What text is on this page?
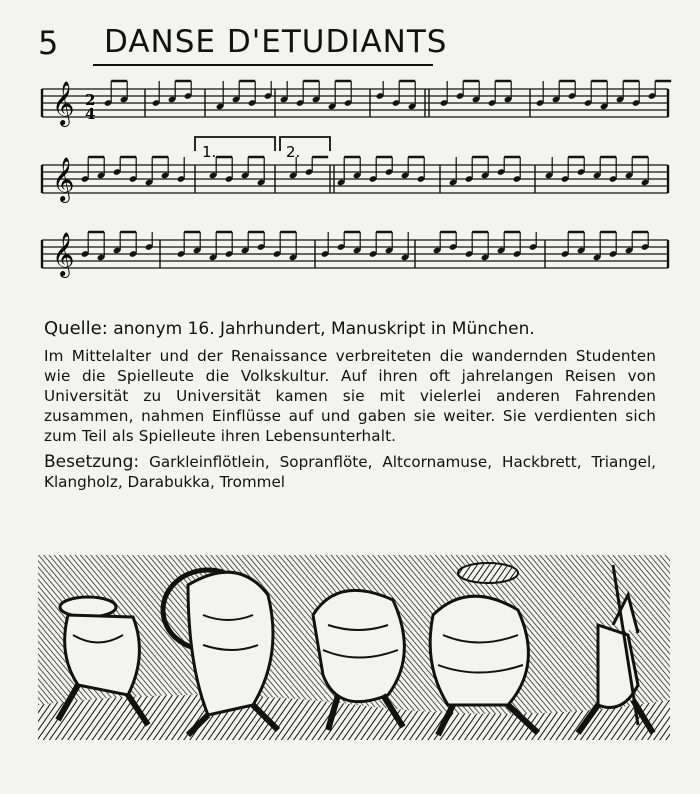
5 DANSE D'ETUDIANTS
𝄞
𝄞
𝄞
2
4
1.	2.
Quelle: anonym 16. Jahrhundert, Manuskript in München.
Im Mittelalter und der Renaissance verbreiteten die wandernden Studenten wie die Spielleute die Volkskultur. Auf ihren oft jahrelangen Reisen von Universität zu Universität kamen sie mit vielerlei anderen Fahrenden zusammen, nahmen Einflüsse auf und gaben sie weiter. Sie verdienten sich zum Teil als Spielleute ihren Lebensunterhalt.
Besetzung: Garkleinflötlein, Sopranflöte, Altcornamuse, Hackbrett, Triangel, Klangholz, Darabukka, Trommel
